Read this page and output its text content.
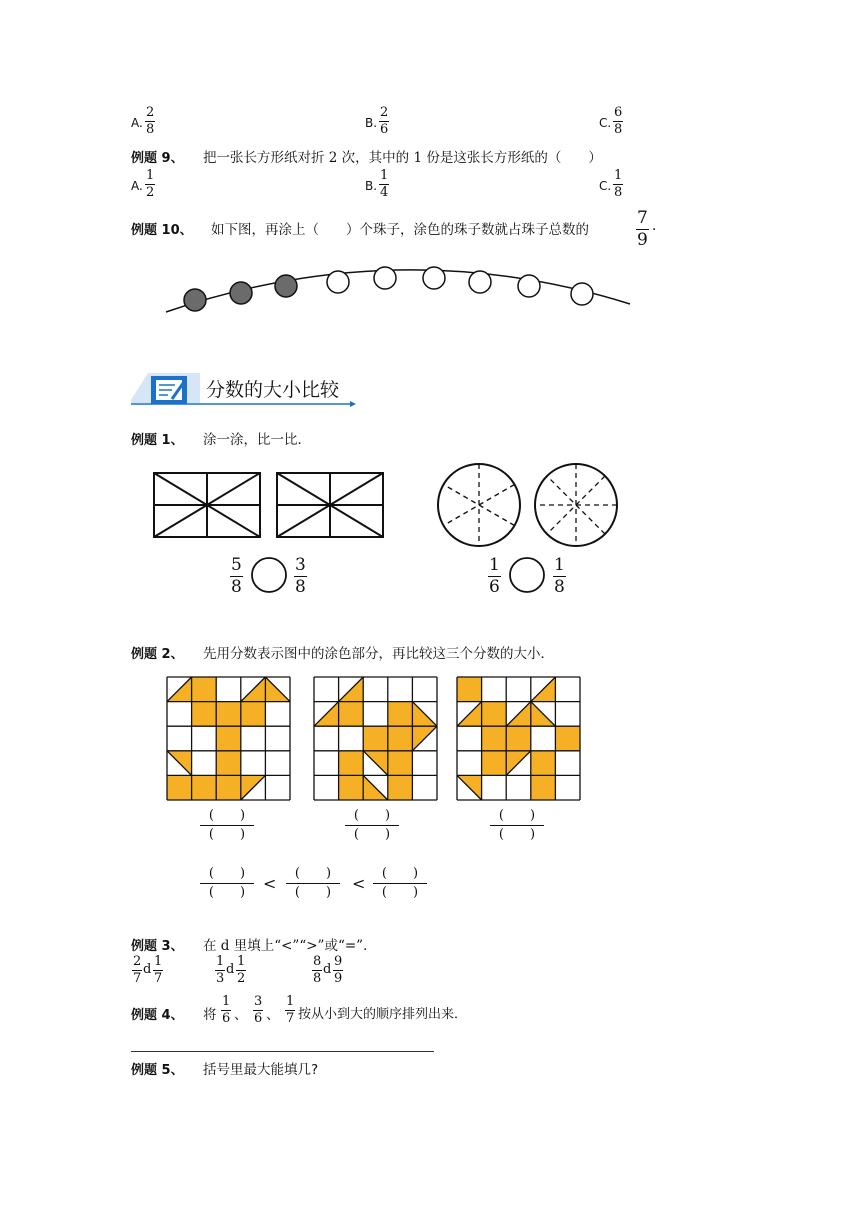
A.
2
8	B.
2
6	C.
6
8
例题 9、 把一张长方形纸对折 2 次，其中的 1 份是这张长方形纸的（　　）
A.
1
2	B.
1
4	C.
1
8
例题 10、 如下图，再涂上（　　）个珠子，涂色的珠子数就占珠子总数的
7
9
.
分数的大小比较
例题 1、 涂一涂，比一比．
5
8
3
8
1
6
1
8
例题 2、 先用分数表示图中的涂色部分，再比较这三个分数的大小．
(　　)
(　　)
(　　)
(　　)
(　　)
(　　)
(　　)
(　　) <
(　　)
(　　) <
(　　)
(　　)
例题 3、 在 d 里填上“<”“>”或“=”．
2
7
d
1
7
1
3
d
1
2
8
8
d
9
9
例题 4、 将
1
6 、
3
6 、
1
7 按从小到大的顺序排列出来．
例题 5、 括号里最大能填几?
